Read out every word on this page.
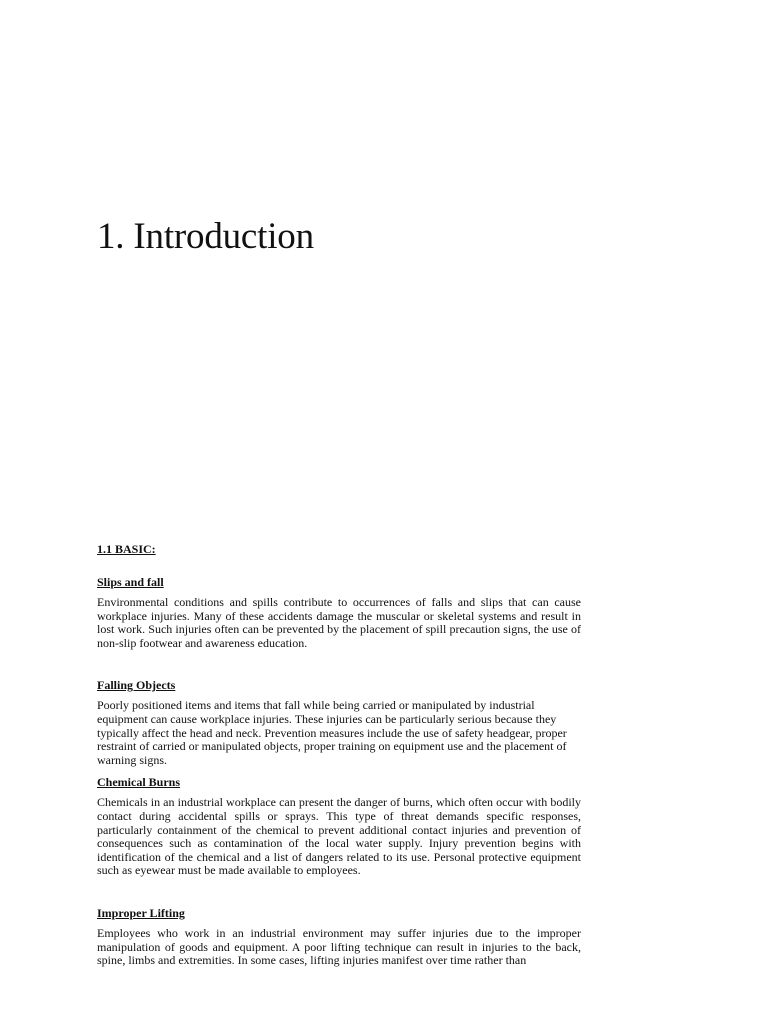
1. Introduction
1.1 BASIC:
Slips and fall

Environmental conditions and spills contribute to occurrences of falls and slips that can cause workplace injuries. Many of these accidents damage the muscular or skeletal systems and result in lost work. Such injuries often can be prevented by the placement of spill precaution signs, the use of non-slip footwear and awareness education.

Falling Objects

Poorly positioned items and items that fall while being carried or manipulated by industrial equipment can cause workplace injuries. These injuries can be particularly serious because they typically affect the head and neck. Prevention measures include the use of safety headgear, proper restraint of carried or manipulated objects, proper training on equipment use and the placement of warning signs.

Chemical Burns

Chemicals in an industrial workplace can present the danger of burns, which often occur with bodily contact during accidental spills or sprays. This type of threat demands specific responses, particularly containment of the chemical to prevent additional contact injuries and prevention of consequences such as contamination of the local water supply. Injury prevention begins with identification of the chemical and a list of dangers related to its use. Personal protective equipment such as eyewear must be made available to employees.

Improper Lifting

Employees who work in an industrial environment may suffer injuries due to the improper manipulation of goods and equipment. A poor lifting technique can result in injuries to the back, spine, limbs and extremities. In some cases, lifting injuries manifest over time rather than
